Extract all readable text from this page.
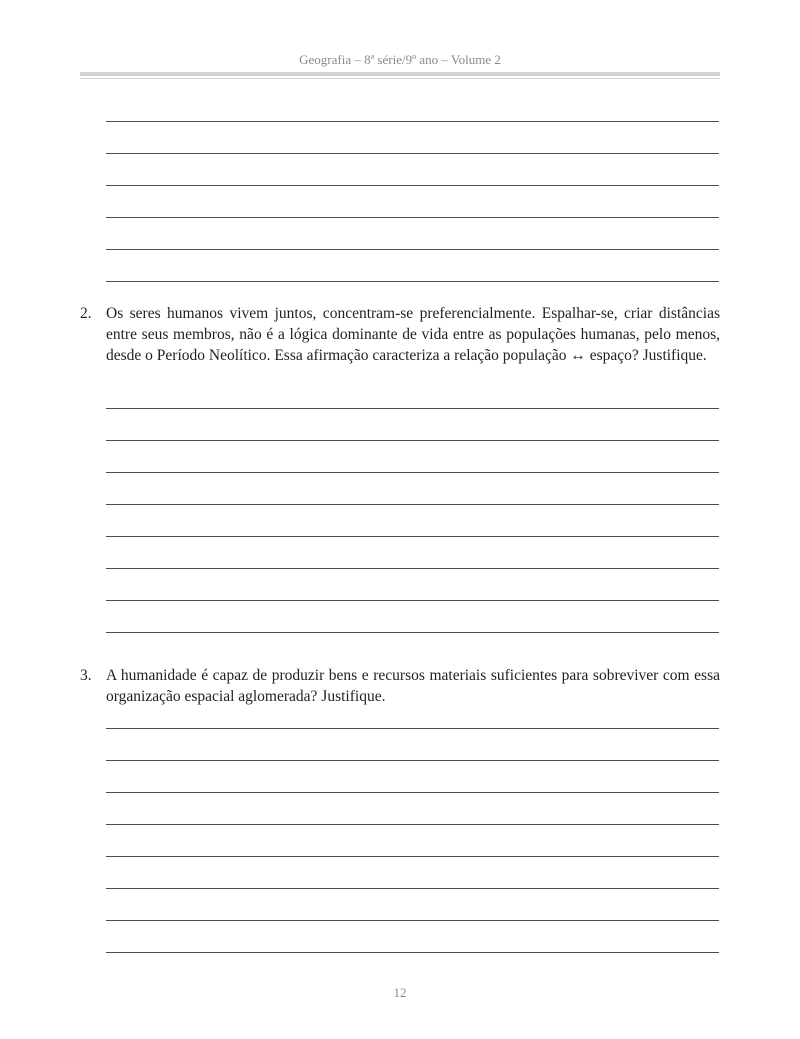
Geografia – 8ª série/9º ano – Volume 2
2. Os seres humanos vivem juntos, concentram-se preferencialmente. Espalhar-se, criar distâncias entre seus membros, não é a lógica dominante de vida entre as populações humanas, pelo menos, desde o Período Neolítico. Essa afirmação caracteriza a relação população ↔ espaço? Justifique.
3. A humanidade é capaz de produzir bens e recursos materiais suficientes para sobreviver com essa organização espacial aglomerada? Justifique.
12
